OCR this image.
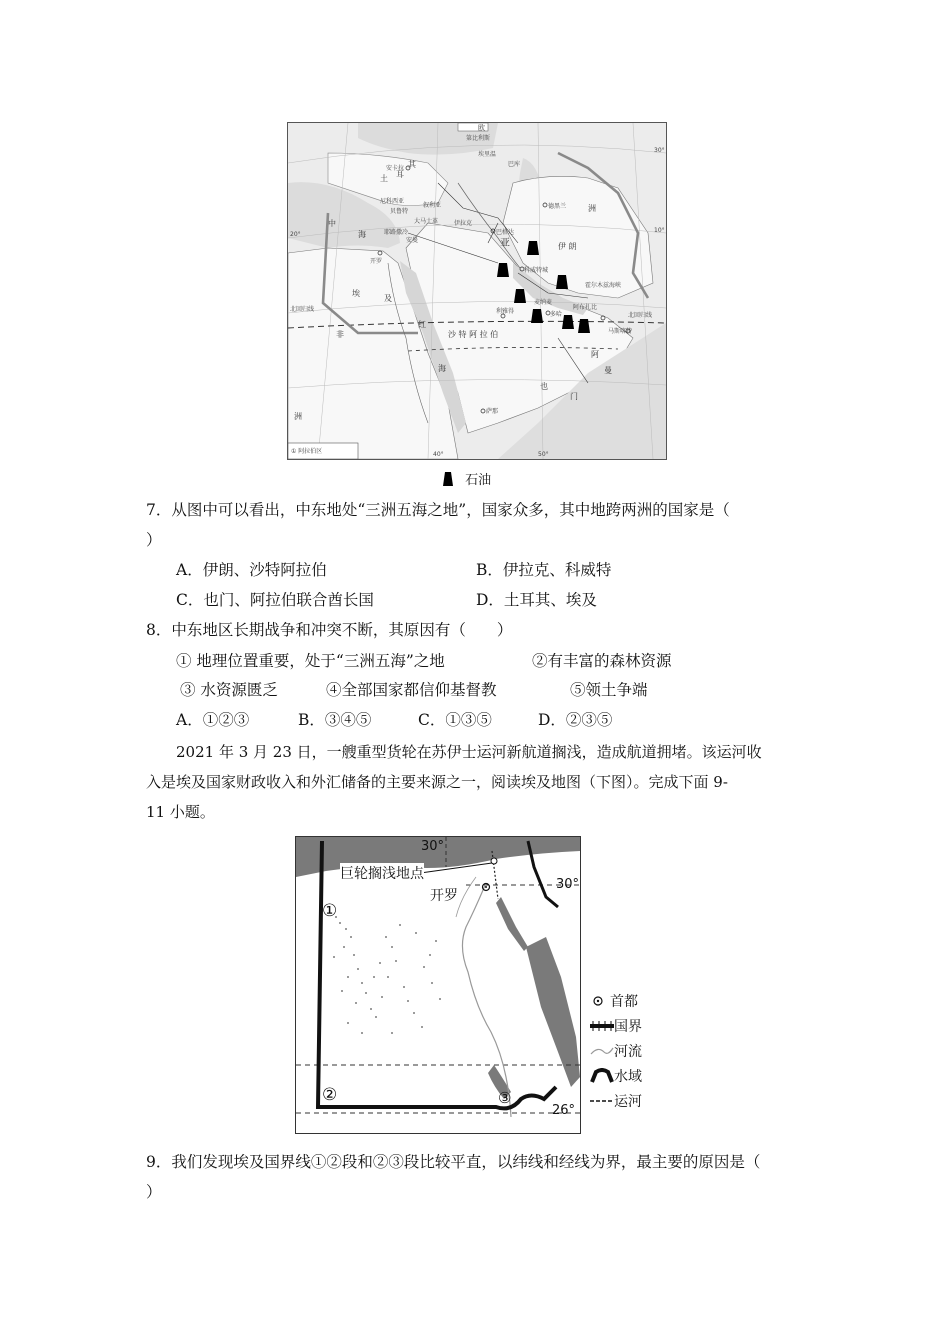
欧
亚
非
洲
洲
伊 朗
德黑兰
巴格达
科威特城
利雅得
阿布扎比
多哈
马斯喀特
萨那
开罗
安卡拉
尼科西亚
贝鲁特
大马士革
安曼
耶路撒冷
巴库
埃里温
第比利斯
麦纳麦
霍尔木兹海峡
北回归线
北回归线
沙 特 阿 拉 伯
土 耳
其
埃
及
叙利亚
伊拉克
也
门
阿
曼
中
海
红
海
30°
50°
40°
20°
10°
① 阿拉伯区
石油
7．从图中可以看出，中东地处“三洲五海之地”，国家众多，其中地跨两洲的国家是（
）
A．伊朗、沙特阿拉伯	B．伊拉克、科威特
C．也门、阿拉伯联合酋长国	D．土耳其、埃及
8．中东地区长期战争和冲突不断，其原因有（　　）
① 地理位置重要，处于“三洲五海”之地	②有丰富的森林资源
③ 水资源匮乏	④全部国家都信仰基督教	⑤领土争端
A．①②③	B．③④⑤	C．①③⑤	D．②③⑤
2021 年 3 月 23 日，一艘重型货轮在苏伊士运河新航道搁浅，造成航道拥堵。该运河收
入是埃及国家财政收入和外汇储备的主要来源之一，阅读埃及地图（下图）。完成下面 9-
11 小题。
30°
30°
26°
巨轮搁浅地点
开罗
①
②	③
首都
国界
河流
水域
运河
9．我们发现埃及国界线①②段和②③段比较平直，以纬线和经线为界，最主要的原因是（
）
